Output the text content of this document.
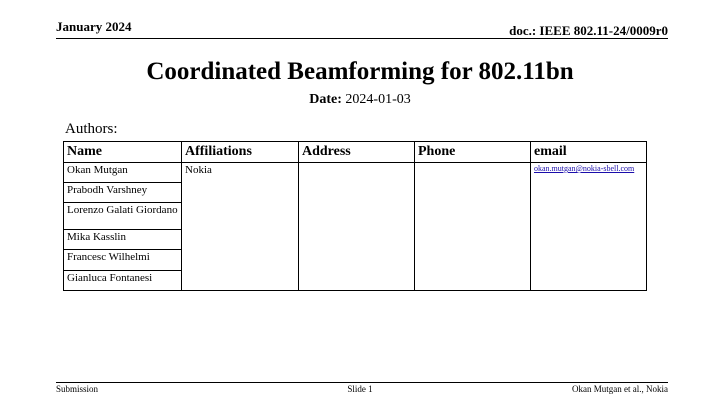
January 2024	doc.: IEEE 802.11-24/0009r0
Coordinated Beamforming for 802.11bn
Date: 2024-01-03
Authors:
Name	Affiliations	Address	Phone	email
Okan Mutgan	Nokia			okan.mutgan@nokia-sbell.com

Prabodh Varshney				
Lorenzo Galati Giordano				
Mika Kasslin				
Francesc Wilhelmi				
Gianluca Fontanesi				
Submission	Slide 1	Okan Mutgan et al., Nokia
